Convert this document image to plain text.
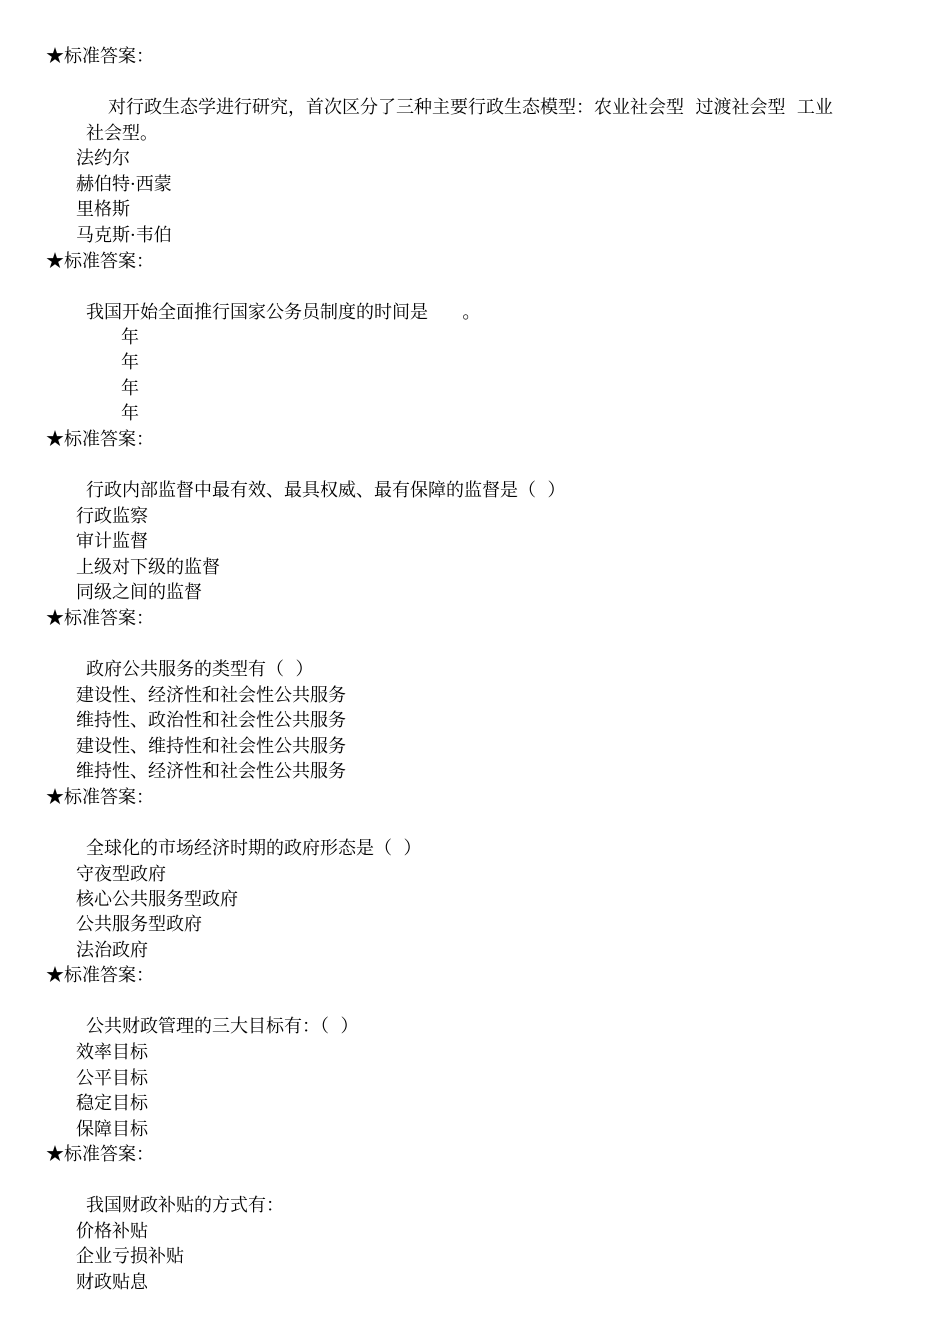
★标准答案：
对行政生态学进行研究，首次区分了三种主要行政生态模型：农业社会型  过渡社会型  工业
社会型。
法约尔
赫伯特·西蒙
里格斯
马克斯·韦伯
★标准答案：
我国开始全面推行国家公务员制度的时间是      。
年
年
年
年
★标准答案：
行政内部监督中最有效、最具权威、最有保障的监督是（  ）
行政监察
审计监督
上级对下级的监督
同级之间的监督
★标准答案：
政府公共服务的类型有（  ）
建设性、经济性和社会性公共服务
维持性、政治性和社会性公共服务
建设性、维持性和社会性公共服务
维持性、经济性和社会性公共服务
★标准答案：
全球化的市场经济时期的政府形态是（  ）
守夜型政府
核心公共服务型政府
公共服务型政府
法治政府
★标准答案：
公共财政管理的三大目标有：（  ）
效率目标
公平目标
稳定目标
保障目标
★标准答案：
我国财政补贴的方式有：
价格补贴
企业亏损补贴
财政贴息
